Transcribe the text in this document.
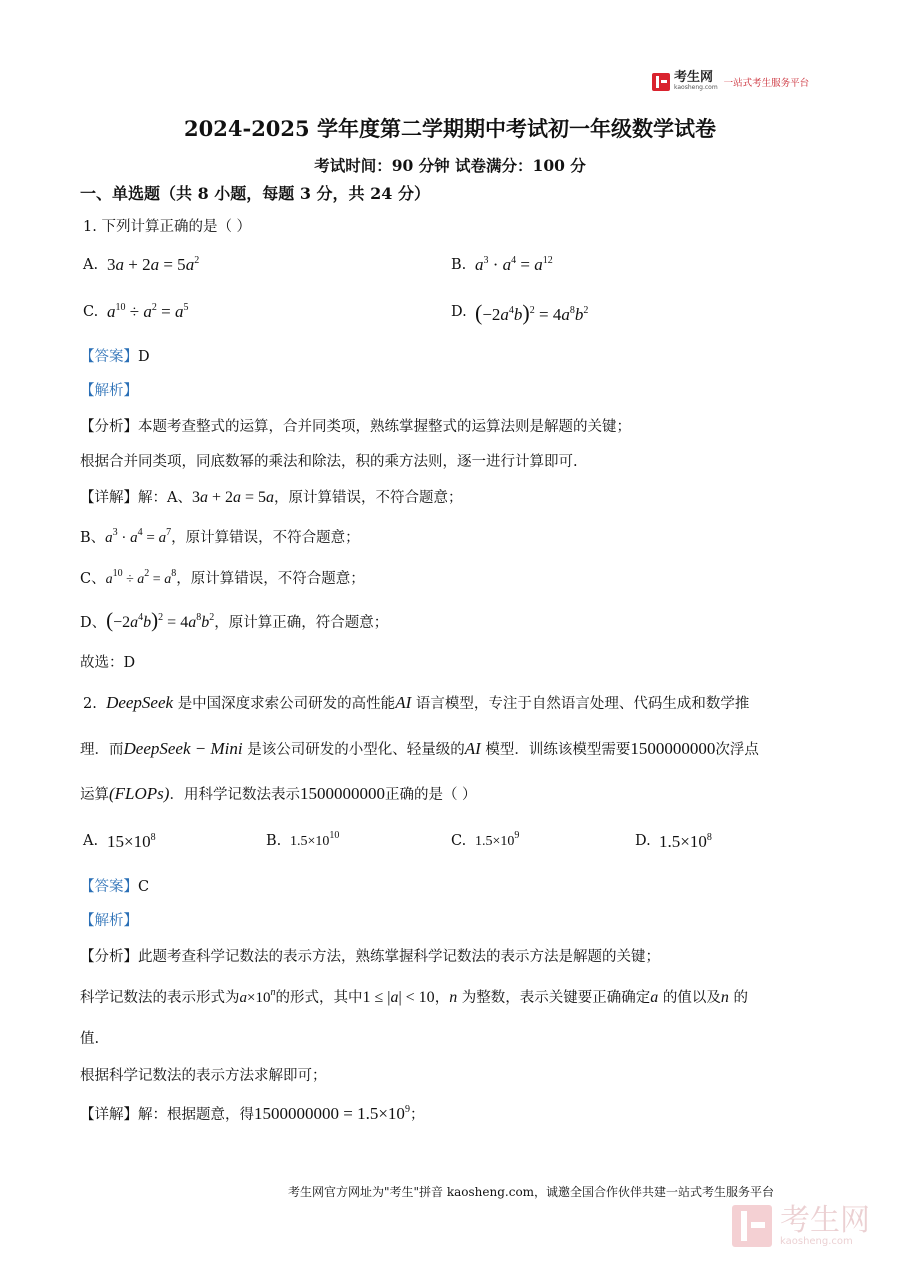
考生网
kaosheng.com 一站式考生服务平台
2024-2025 学年度第二学期期中考试初一年级数学试卷
考试时间：90 分钟 试卷满分：100 分
一、单选题（共 8 小题，每题 3 分，共 24 分）
1. 下列计算正确的是（ ）
A. $3a + 2a = 5a^2$	B. $a^3 \cdot a^4 = a^{12}$
C. $a^{10} \div a^2 = a^5$	D. $(-2a^4b)^2 = 4a^8b^2$
【答案】D
【解析】
【分析】本题考查整式的运算，合并同类项，熟练掌握整式的运算法则是解题的关键；
根据合并同类项，同底数幂的乘法和除法，积的乘方法则，逐一进行计算即可.
【详解】解：A、3a + 2a = 5a，原计算错误，不符合题意；
B、$a^3 \cdot a^4 = a^7$，原计算错误，不符合题意；
C、$a^{10} \div a^2 = a^8$，原计算错误，不符合题意；
D、$(-2a^4b)^2 = 4a^8b^2$，原计算正确，符合题意；
故选：D
2. DeepSeek 是中国深度求索公司研发的高性能AI 语言模型，专注于自然语言处理、代码生成和数学推
理．而DeepSeek − Mini 是该公司研发的小型化、轻量级的AI 模型．训练该模型需要1500000000次浮点
运算(FLOPs)．用科学记数法表示1500000000正确的是（ ）
A. $15\times 10^8$	B. $1.5\times 10^{10}$	C. $1.5\times 10^9$	D. $1.5\times 10^8$
【答案】C
【解析】
【分析】此题考查科学记数法的表示方法，熟练掌握科学记数法的表示方法是解题的关键；
科学记数法的表示形式为$a\times 10^n$的形式，其中1 ≤ |a| < 10，n 为整数，表示关键要正确确定a 的值以及n 的
值.
根据科学记数法的表示方法求解即可；
【详解】解：根据题意，得$1500000000 = 1.5\times 10^9$；
考生网官方网址为"考生"拼音 kaosheng.com，诚邀全国合作伙伴共建一站式考生服务平台
考生网
kaosheng.com
